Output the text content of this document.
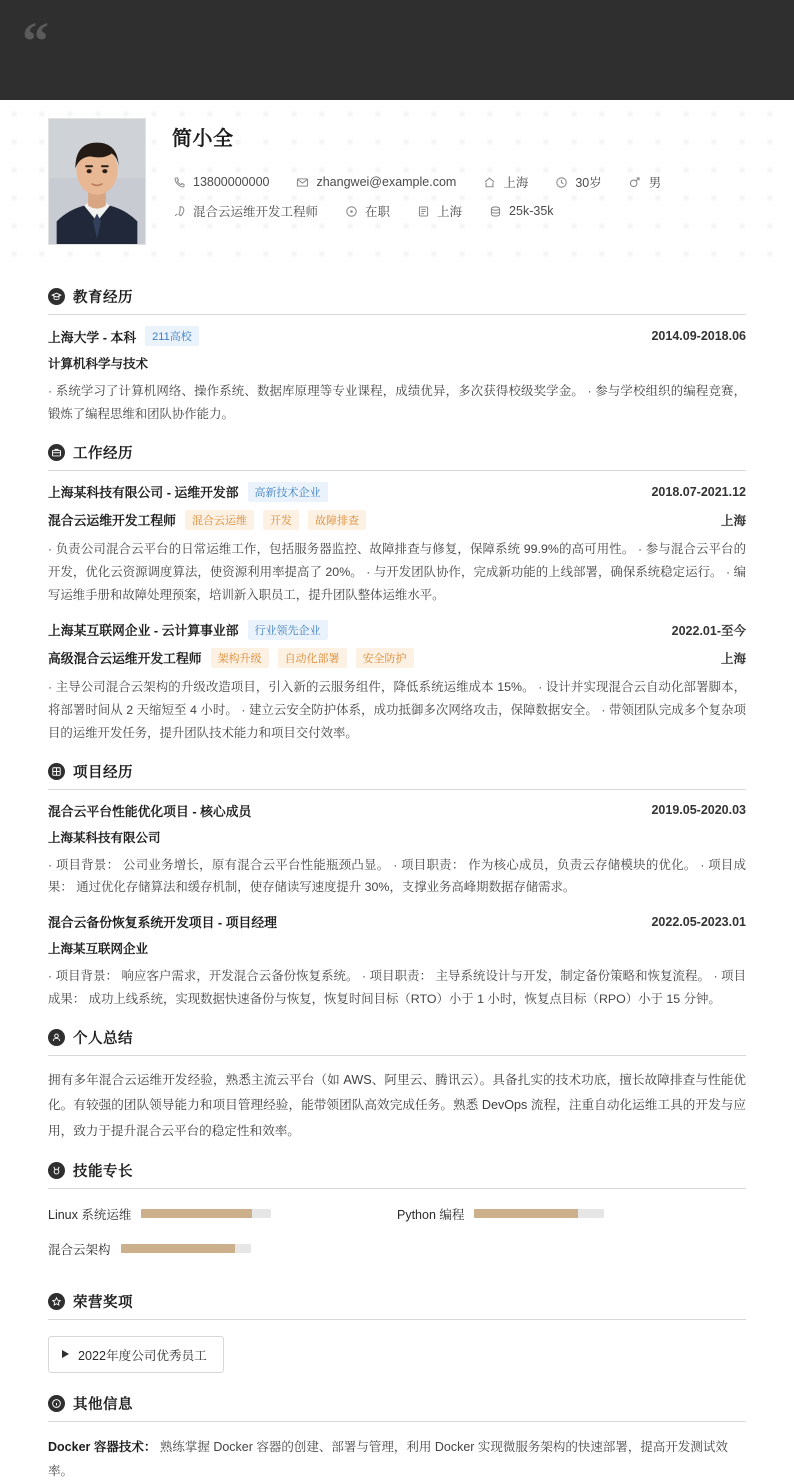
“
简小全
13800000000	zhangwei@example.com	上海	30岁	男
混合云运维开发工程师	在职	上海	25k-35k
教育经历
上海大学 - 本科	211高校	2014.09-2018.06
计算机科学与技术
· 系统学习了计算机网络、操作系统、数据库原理等专业课程，成绩优异，多次获得校级奖学金。 · 参与学校组织的编程竞赛，锻炼了编程思维和团队协作能力。
工作经历
上海某科技有限公司 - 运维开发部	高新技术企业	2018.07-2021.12
混合云运维开发工程师	混合云运维	开发	故障排查	上海
· 负责公司混合云平台的日常运维工作，包括服务器监控、故障排查与修复，保障系统 99.9%的高可用性。 · 参与混合云平台的开发，优化云资源调度算法，使资源利用率提高了 20%。 · 与开发团队协作，完成新功能的上线部署，确保系统稳定运行。 · 编写运维手册和故障处理预案，培训新入职员工，提升团队整体运维水平。
上海某互联网企业 - 云计算事业部	行业领先企业	2022.01-至今
高级混合云运维开发工程师	架构升级	自动化部署	安全防护	上海
· 主导公司混合云架构的升级改造项目，引入新的云服务组件，降低系统运维成本 15%。 · 设计并实现混合云自动化部署脚本，将部署时间从 2 天缩短至 4 小时。 · 建立云安全防护体系，成功抵御多次网络攻击，保障数据安全。 · 带领团队完成多个复杂项目的运维开发任务，提升团队技术能力和项目交付效率。
项目经历
混合云平台性能优化项目 - 核心成员	2019.05-2020.03
上海某科技有限公司
· 项目背景： 公司业务增长，原有混合云平台性能瓶颈凸显。 · 项目职责： 作为核心成员，负责云存储模块的优化。 · 项目成果： 通过优化存储算法和缓存机制，使存储读写速度提升 30%，支撑业务高峰期数据存储需求。
混合云备份恢复系统开发项目 - 项目经理	2022.05-2023.01
上海某互联网企业
· 项目背景： 响应客户需求，开发混合云备份恢复系统。 · 项目职责： 主导系统设计与开发，制定备份策略和恢复流程。 · 项目成果： 成功上线系统，实现数据快速备份与恢复，恢复时间目标（RTO）小于 1 小时，恢复点目标（RPO）小于 15 分钟。
个人总结
拥有多年混合云运维开发经验，熟悉主流云平台（如 AWS、阿里云、腾讯云）。具备扎实的技术功底，擅长故障排查与性能优化。有较强的团队领导能力和项目管理经验，能带领团队高效完成任务。熟悉 DevOps 流程，注重自动化运维工具的开发与应用，致力于提升混合云平台的稳定性和效率。
技能专长
Linux 系统运维	Python 编程
混合云架构
荣营奖项
2022年度公司优秀员工
其他信息
Docker 容器技术： 熟练掌握 Docker 容器的创建、部署与管理，利用 Docker 实现微服务架构的快速部署，提高开发测试效率。
